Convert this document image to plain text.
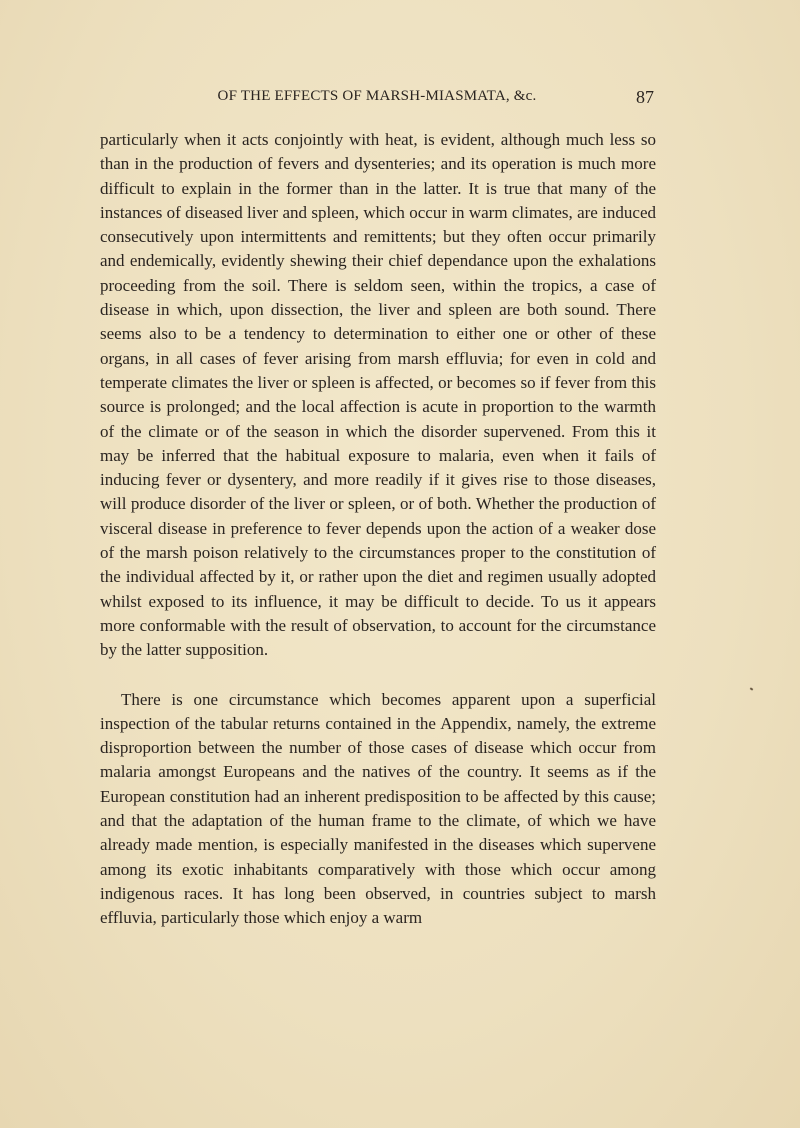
OF THE EFFECTS OF MARSH-MIASMATA, &c.	87

particularly when it acts conjointly with heat, is evident, although much less so than in the production of fevers and dysenteries; and its operation is much more difficult to explain in the former than in the latter. It is true that many of the instances of diseased liver and spleen, which occur in warm climates, are induced consecutively upon intermittents and remittents; but they often occur primarily and endemically, evidently shewing their chief dependance upon the exhalations proceeding from the soil. There is seldom seen, within the tropics, a case of disease in which, upon dissection, the liver and spleen are both sound. There seems also to be a tendency to determination to either one or other of these organs, in all cases of fever arising from marsh effluvia; for even in cold and temperate climates the liver or spleen is affected, or becomes so if fever from this source is prolonged; and the local affection is acute in proportion to the warmth of the climate or of the season in which the disorder supervened. From this it may be inferred that the habitual exposure to malaria, even when it fails of inducing fever or dysentery, and more readily if it gives rise to those diseases, will produce disorder of the liver or spleen, or of both. Whether the production of visceral disease in preference to fever depends upon the action of a weaker dose of the marsh poison relatively to the circumstances proper to the constitution of the individual affected by it, or rather upon the diet and regimen usually adopted whilst exposed to its influence, it may be difficult to decide. To us it appears more conformable with the result of observation, to account for the circumstance by the latter supposition.

There is one circumstance which becomes apparent upon a superficial inspection of the tabular returns contained in the Appendix, namely, the extreme disproportion between the number of those cases of disease which occur from malaria amongst Europeans and the natives of the country. It seems as if the European constitution had an inherent predisposition to be affected by this cause; and that the adaptation of the human frame to the climate, of which we have already made mention, is especially manifested in the diseases which supervene among its exotic inhabitants comparatively with those which occur among indigenous races. It has long been observed, in countries subject to marsh effluvia, particularly those which enjoy a warm
